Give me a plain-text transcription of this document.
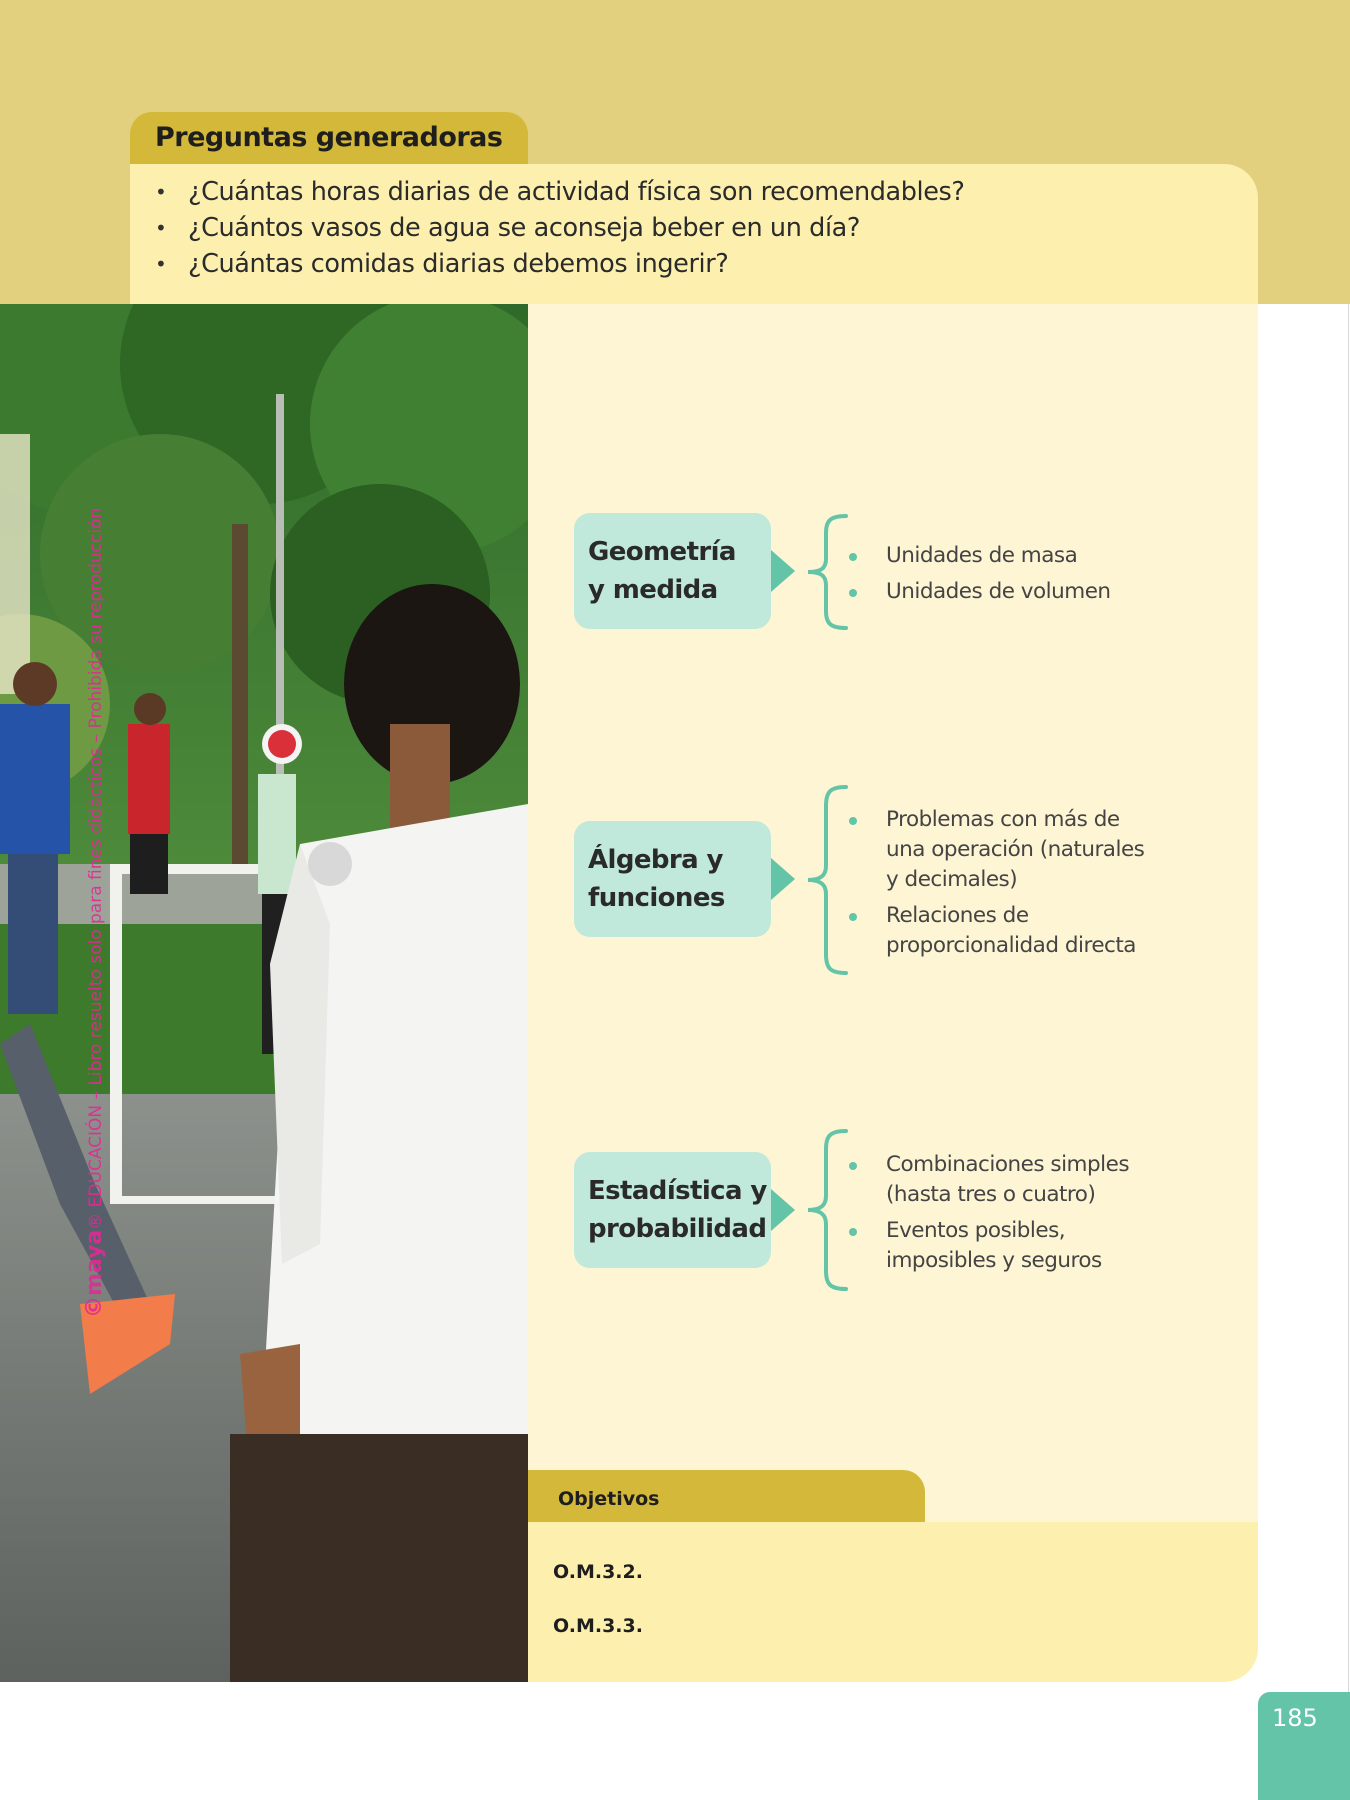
Preguntas generadoras
• ¿Cuántas horas diarias de actividad física son recomendables?
• ¿Cuántos vasos de agua se aconseja beber en un día?
• ¿Cuántas comidas diarias debemos ingerir?
©maya® EDUCACIÓN – Libro resuelto solo para fines didácticos – Prohibida su reproducción	Geometría
y medida
Unidades de masa
Unidades de volumen
Álgebra y
funciones
Problemas con más de
una operación (naturales
y decimales)
Relaciones de
proporcionalidad directa
Estadística y
probabilidad
Combinaciones simples
(hasta tres o cuatro)
Eventos posibles,
imposibles y seguros
Objetivos
O.M.3.2.
O.M.3.3.
185
